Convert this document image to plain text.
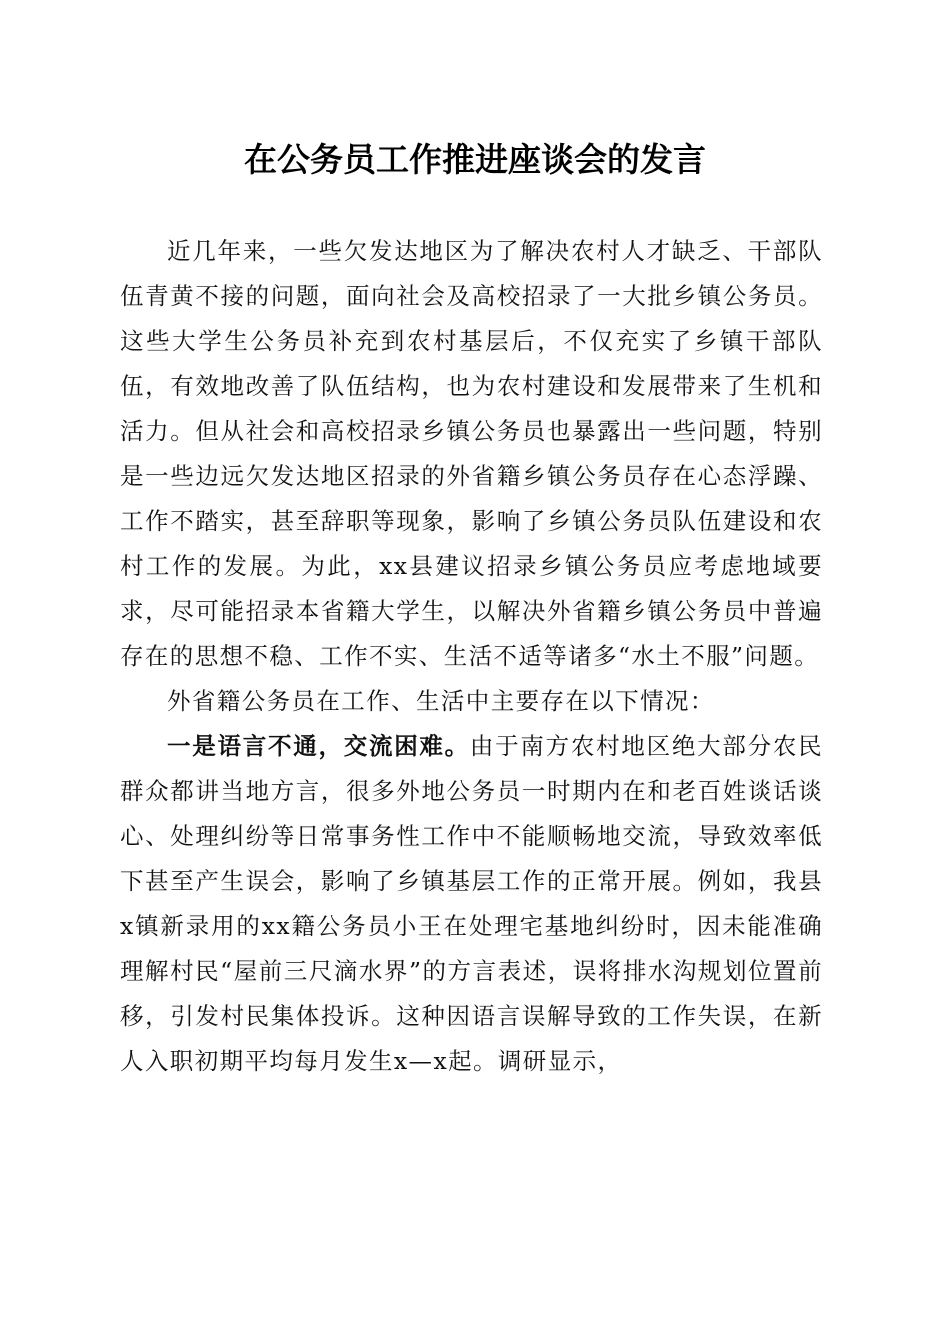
在公务员工作推进座谈会的发言

近几年来，一些欠发达地区为了解决农村人才缺乏、干部队伍青黄不接的问题，面向社会及高校招录了一大批乡镇公务员。这些大学生公务员补充到农村基层后，不仅充实了乡镇干部队伍，有效地改善了队伍结构，也为农村建设和发展带来了生机和活力。但从社会和高校招录乡镇公务员也暴露出一些问题，特别是一些边远欠发达地区招录的外省籍乡镇公务员存在心态浮躁、工作不踏实，甚至辞职等现象，影响了乡镇公务员队伍建设和农村工作的发展。为此，xx县建议招录乡镇公务员应考虑地域要求，尽可能招录本省籍大学生，以解决外省籍乡镇公务员中普遍存在的思想不稳、工作不实、生活不适等诸多“水土不服”问题。

外省籍公务员在工作、生活中主要存在以下情况：

一是语言不通，交流困难。由于南方农村地区绝大部分农民群众都讲当地方言，很多外地公务员一时期内在和老百姓谈话谈心、处理纠纷等日常事务性工作中不能顺畅地交流，导致效率低下甚至产生误会，影响了乡镇基层工作的正常开展。例如，我县x镇新录用的xx籍公务员小王在处理宅基地纠纷时，因未能准确理解村民“屋前三尺滴水界”的方言表述，误将排水沟规划位置前移，引发村民集体投诉。这种因语言误解导致的工作失误，在新人入职初期平均每月发生x—x起。调研显示，
